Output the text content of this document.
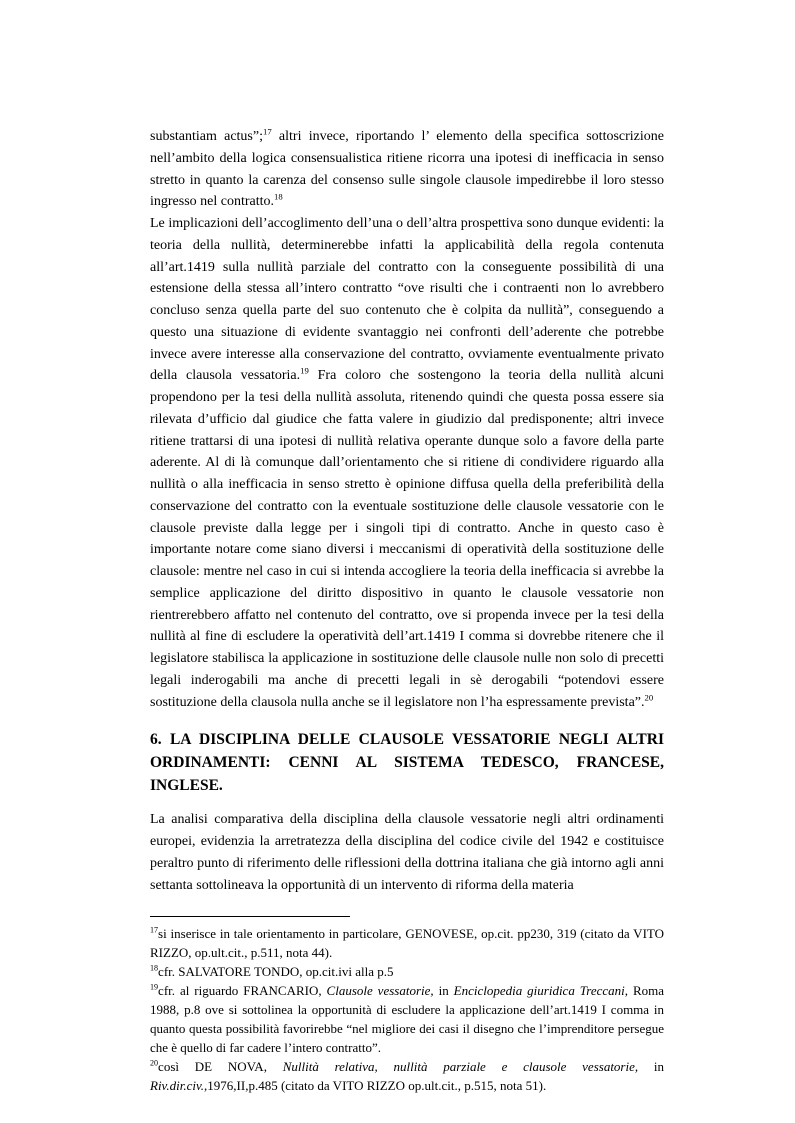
substantiam actus”;$^{17}$ altri invece, riportando l’ elemento della specifica sottoscrizione nell’ambito della logica consensualistica ritiene ricorra una ipotesi di inefficacia in senso stretto in quanto la carenza del consenso sulle singole clausole impedirebbe il loro stesso ingresso nel contratto.$^{18}$

Le implicazioni dell’accoglimento dell’una o dell’altra prospettiva sono dunque evidenti: la teoria della nullità, determinerebbe infatti la applicabilità della regola contenuta all’art.1419 sulla nullità parziale del contratto con la conseguente possibilità di una estensione della stessa all’intero contratto “ove risulti che i contraenti non lo avrebbero concluso senza quella parte del suo contenuto che è colpita da nullità”, conseguendo a questo una situazione di evidente svantaggio nei confronti dell’aderente che potrebbe invece avere interesse alla conservazione del contratto, ovviamente eventualmente privato della clausola vessatoria.$^{19}$ Fra coloro che sostengono la teoria della nullità alcuni propendono per la tesi della nullità assoluta, ritenendo quindi che questa possa essere sia rilevata d’ufficio dal giudice che fatta valere in giudizio dal predisponente; altri invece ritiene trattarsi di una ipotesi di nullità relativa operante dunque solo a favore della parte aderente. Al di là comunque dall’orientamento che si ritiene di condividere riguardo alla nullità o alla inefficacia in senso stretto è opinione diffusa quella della preferibilità della conservazione del contratto con la eventuale sostituzione delle clausole vessatorie con le clausole previste dalla legge per i singoli tipi di contratto. Anche in questo caso è importante notare come siano diversi i meccanismi di operatività della sostituzione delle clausole: mentre nel caso in cui si intenda accogliere la teoria della inefficacia si avrebbe la semplice applicazione del diritto dispositivo in quanto le clausole vessatorie non rientrerebbero affatto nel contenuto del contratto, ove si propenda invece per la tesi della nullità al fine di escludere la operatività dell’art.1419 I comma si dovrebbe ritenere che il legislatore stabilisca la applicazione in sostituzione delle clausole nulle non solo di precetti legali inderogabili ma anche di precetti legali in sè derogabili “potendovi essere sostituzione della clausola nulla anche se il legislatore non l’ha espressamente prevista”.$^{20}$

6. LA DISCIPLINA DELLE CLAUSOLE VESSATORIE NEGLI ALTRI
ORDINAMENTI: CENNI AL SISTEMA TEDESCO, FRANCESE,
INGLESE.

La analisi comparativa della disciplina della clausole vessatorie negli altri ordinamenti europei, evidenzia la arretratezza della disciplina del codice civile del 1942 e costituisce peraltro punto di riferimento delle riflessioni della dottrina italiana che già intorno agli anni settanta sottolineava la opportunità di un intervento di riforma della materia

$^{17}$si inserisce in tale orientamento in particolare, GENOVESE, op.cit. pp230, 319 (citato da VITO RIZZO, op.ult.cit., p.511, nota 44).

$^{18}$cfr. SALVATORE TONDO, op.cit.ivi alla p.5

$^{19}$cfr. al riguardo FRANCARIO, Clausole vessatorie, in Enciclopedia giuridica Treccani, Roma 1988, p.8 ove si sottolinea la opportunità di escludere la applicazione dell’art.1419 I comma in quanto questa possibilità favorirebbe “nel migliore dei casi il disegno che l’imprenditore persegue che è quello di far cadere l’intero contratto”.

$^{20}$così DE NOVA, Nullità relativa, nullità parziale e clausole vessatorie, in Riv.dir.civ.,1976,II,p.485 (citato da VITO RIZZO op.ult.cit., p.515, nota 51).
